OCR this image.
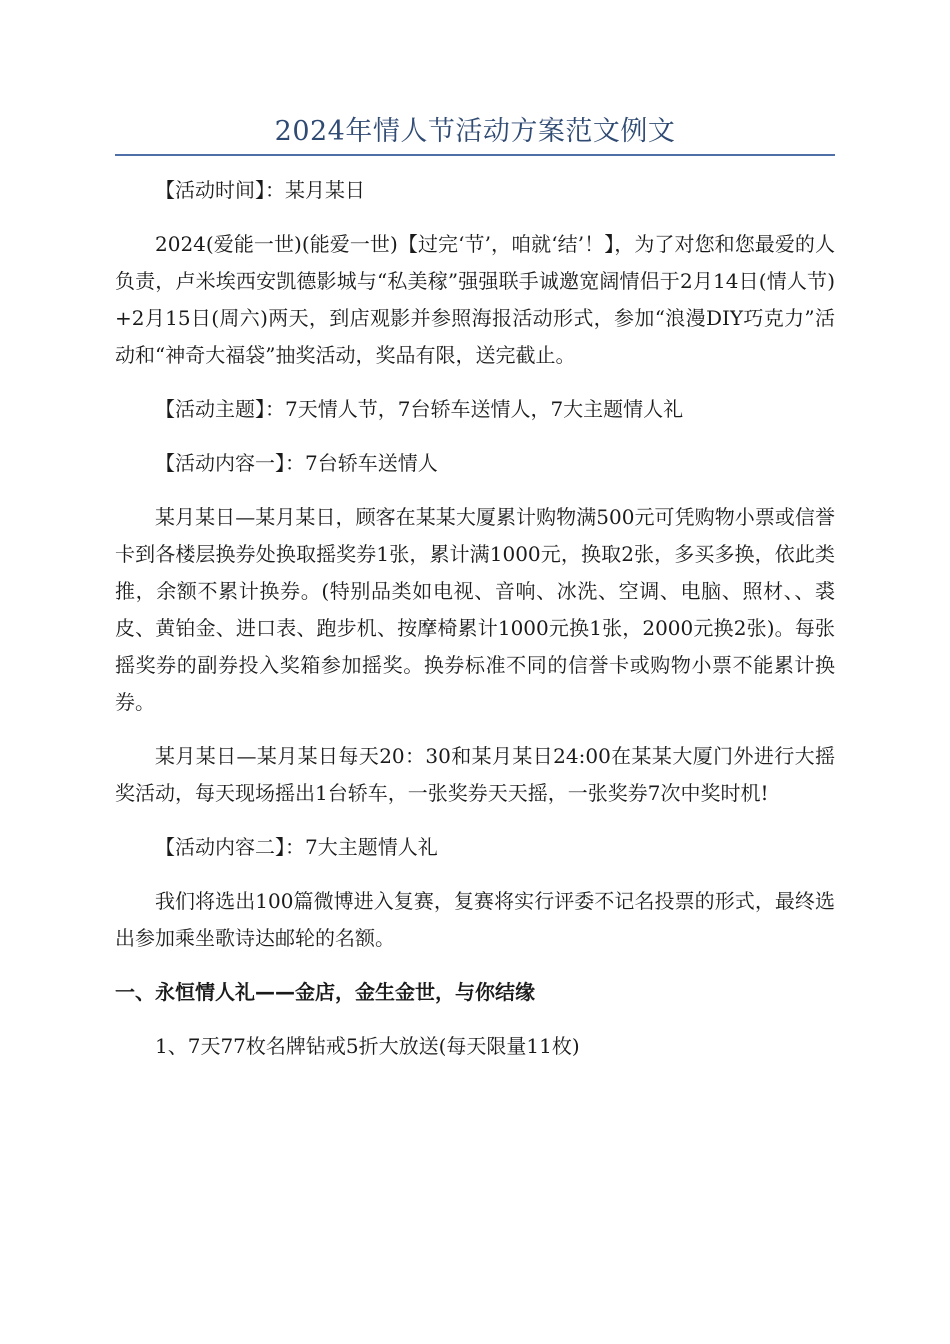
2024年情人节活动方案范文例文

【活动时间】：某月某日

2024(爱能一世)(能爱一世)【过完‘节’，咱就‘结’！】，为了对您和您最爱的人负责，卢米埃西安凯德影城与“私美稼”强强联手诚邀宽阔情侣于2月14日(情人节)+2月15日(周六)两天，到店观影并参照海报活动形式，参加“浪漫DIY巧克力”活动和“神奇大福袋”抽奖活动，奖品有限，送完截止。

【活动主题】：7天情人节，7台轿车送情人，7大主题情人礼

【活动内容一】：7台轿车送情人

某月某日—某月某日，顾客在某某大厦累计购物满500元可凭购物小票或信誉卡到各楼层换券处换取摇奖券1张，累计满1000元，换取2张，多买多换，依此类推，余额不累计换券。(特别品类如电视、音响、冰洗、空调、电脑、照材、、裘皮、黄铂金、进口表、跑步机、按摩椅累计1000元换1张，2000元换2张)。每张摇奖券的副券投入奖箱参加摇奖。换券标准不同的信誉卡或购物小票不能累计换券。

某月某日—某月某日每天20：30和某月某日24:00在某某大厦门外进行大摇奖活动，每天现场摇出1台轿车，一张奖券天天摇，一张奖券7次中奖时机!

【活动内容二】：7大主题情人礼

我们将选出100篇微博进入复赛，复赛将实行评委不记名投票的形式，最终选出参加乘坐歌诗达邮轮的名额。

一、永恒情人礼——金店，金生金世，与你结缘

1、7天77枚名牌钻戒5折大放送(每天限量11枚)
